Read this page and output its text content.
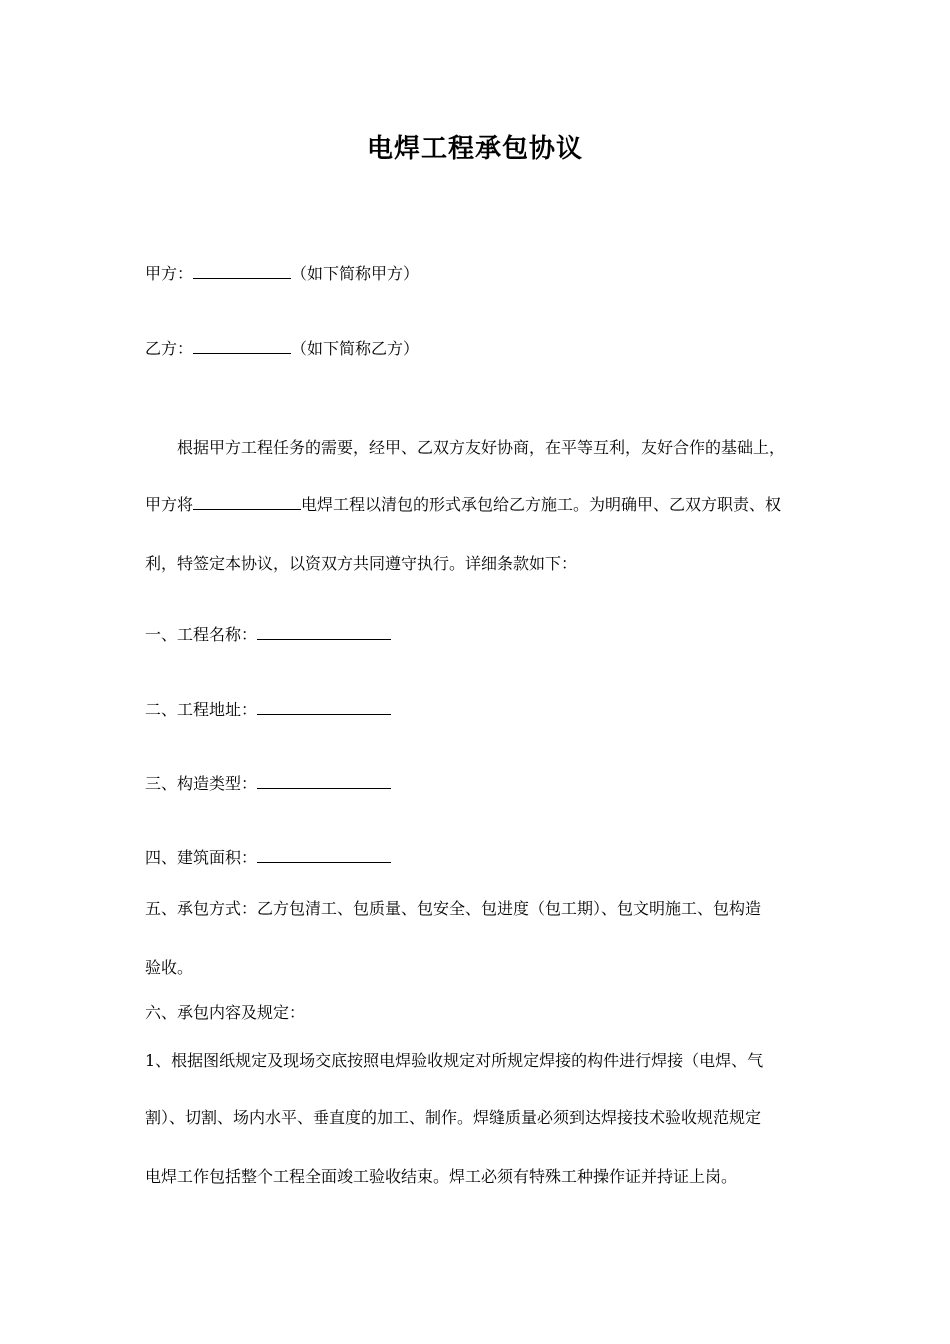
电焊工程承包协议
甲方：	（如下简称甲方）
乙方：	（如下简称乙方）
根据甲方工程任务的需要，经甲、乙双方友好协商，在平等互利，友好合作的基础上，
甲方将	电焊工程以清包的形式承包给乙方施工。为明确甲、乙双方职责、权
利，特签定本协议，以资双方共同遵守执行。详细条款如下：
一、工程名称：
二、工程地址：
三、构造类型：
四、建筑面积：
五、承包方式：乙方包清工、包质量、包安全、包进度（包工期）、包文明施工、包构造
验收。
六、承包内容及规定：
1、根据图纸规定及现场交底按照电焊验收规定对所规定焊接的构件进行焊接（电焊、气
割）、切割、场内水平、垂直度的加工、制作。焊缝质量必须到达焊接技术验收规范规定
电焊工作包括整个工程全面竣工验收结束。焊工必须有特殊工种操作证并持证上岗。
